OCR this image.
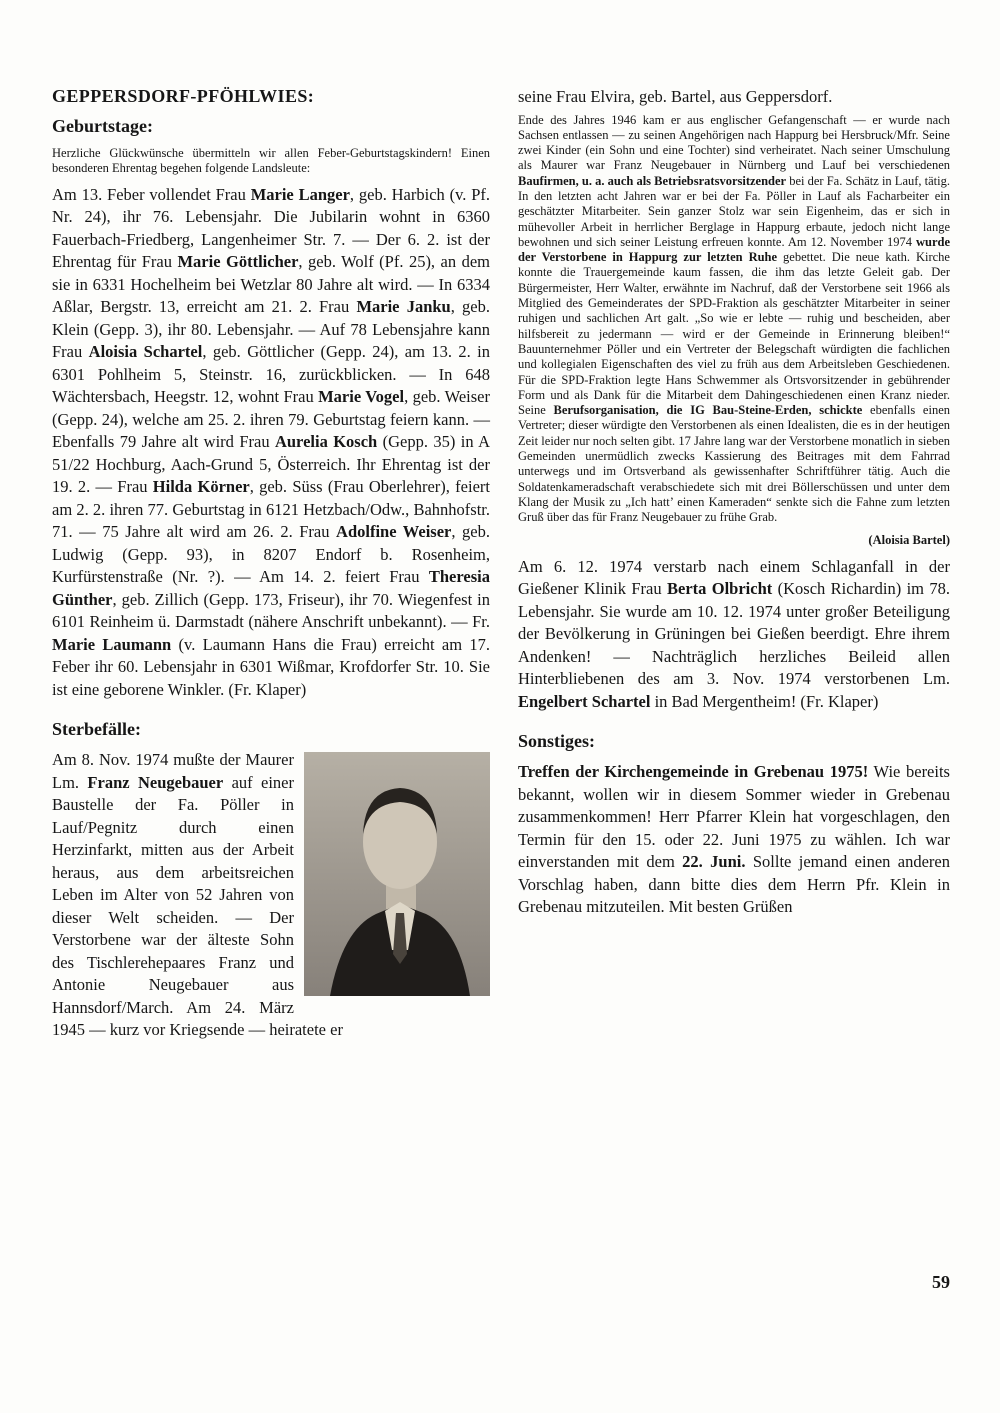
GEPPERSDORF-PFÖHLWIES:
Geburtstage:
Herzliche Glückwünsche übermitteln wir allen Feber-Geburtstagskindern! Einen besonderen Ehrentag begehen folgende Landsleute:
Am 13. Feber vollendet Frau Marie Langer, geb. Harbich (v. Pf. Nr. 24), ihr 76. Lebensjahr. Die Jubilarin wohnt in 6360 Fauerbach-Friedberg, Langenheimer Str. 7. — Der 6. 2. ist der Ehrentag für Frau Marie Göttlicher, geb. Wolf (Pf. 25), an dem sie in 6331 Hochelheim bei Wetzlar 80 Jahre alt wird. — In 6334 Aßlar, Bergstr. 13, erreicht am 21. 2. Frau Marie Janku, geb. Klein (Gepp. 3), ihr 80. Lebensjahr. — Auf 78 Lebensjahre kann Frau Aloisia Schartel, geb. Göttlicher (Gepp. 24), am 13. 2. in 6301 Pohlheim 5, Steinstr. 16, zurückblicken. — In 648 Wächtersbach, Heegstr. 12, wohnt Frau Marie Vogel, geb. Weiser (Gepp. 24), welche am 25. 2. ihren 79. Geburtstag feiern kann. — Ebenfalls 79 Jahre alt wird Frau Aurelia Kosch (Gepp. 35) in A 51/22 Hochburg, Aach-Grund 5, Österreich. Ihr Ehrentag ist der 19. 2. — Frau Hilda Körner, geb. Süss (Frau Oberlehrer), feiert am 2. 2. ihren 77. Geburtstag in 6121 Hetzbach/Odw., Bahnhofstr. 71. — 75 Jahre alt wird am 26. 2. Frau Adolfine Weiser, geb. Ludwig (Gepp. 93), in 8207 Endorf b. Rosenheim, Kurfürstenstraße (Nr. ?). — Am 14. 2. feiert Frau Theresia Günther, geb. Zillich (Gepp. 173, Friseur), ihr 70. Wiegenfest in 6101 Reinheim ü. Darmstadt (nähere Anschrift unbekannt). — Fr. Marie Laumann (v. Laumann Hans die Frau) erreicht am 17. Feber ihr 60. Lebensjahr in 6301 Wißmar, Krofdorfer Str. 10. Sie ist eine geborene Winkler. (Fr. Klaper)
Sterbefälle:
Am 8. Nov. 1974 mußte der Maurer Lm. Franz Neugebauer auf einer Baustelle der Fa. Pöller in Lauf/Pegnitz durch einen Herzinfarkt, mitten aus der Arbeit heraus, aus dem arbeitsreichen Leben im Alter von 52 Jahren von dieser Welt scheiden. — Der Verstorbene war der älteste Sohn des Tischlerehepaares Franz und Antonie Neugebauer aus Hannsdorf/March. Am 24. März 1945 — kurz vor Kriegsende — heiratete er
seine Frau Elvira, geb. Bartel, aus Geppersdorf.
Ende des Jahres 1946 kam er aus englischer Gefangenschaft — er wurde nach Sachsen entlassen — zu seinen Angehörigen nach Happurg bei Hersbruck/Mfr. Seine zwei Kinder (ein Sohn und eine Tochter) sind verheiratet. Nach seiner Umschulung als Maurer war Franz Neugebauer in Nürnberg und Lauf bei verschiedenen Baufirmen, u. a. auch als Betriebsratsvorsitzender bei der Fa. Schätz in Lauf, tätig. In den letzten acht Jahren war er bei der Fa. Pöller in Lauf als Facharbeiter ein geschätzter Mitarbeiter. Sein ganzer Stolz war sein Eigenheim, das er sich in mühevoller Arbeit in herrlicher Berglage in Happurg erbaute, jedoch nicht lange bewohnen und sich seiner Leistung erfreuen konnte. Am 12. November 1974 wurde der Verstorbene in Happurg zur letzten Ruhe gebettet. Die neue kath. Kirche konnte die Trauergemeinde kaum fassen, die ihm das letzte Geleit gab. Der Bürgermeister, Herr Walter, erwähnte im Nachruf, daß der Verstorbene seit 1966 als Mitglied des Gemeinderates der SPD-Fraktion als geschätzter Mitarbeiter in seiner ruhigen und sachlichen Art galt. „So wie er lebte — ruhig und bescheiden, aber hilfsbereit zu jedermann — wird er der Gemeinde in Erinnerung bleiben!“ Bauunternehmer Pöller und ein Vertreter der Belegschaft würdigten die fachlichen und kollegialen Eigenschaften des viel zu früh aus dem Arbeitsleben Geschiedenen. Für die SPD-Fraktion legte Hans Schwemmer als Ortsvorsitzender in gebührender Form und als Dank für die Mitarbeit dem Dahingeschiedenen einen Kranz nieder. Seine Berufsorganisation, die IG Bau-Steine-Erden, schickte ebenfalls einen Vertreter; dieser würdigte den Verstorbenen als einen Idealisten, die es in der heutigen Zeit leider nur noch selten gibt. 17 Jahre lang war der Verstorbene monatlich in sieben Gemeinden unermüdlich zwecks Kassierung des Beitrages mit dem Fahrrad unterwegs und im Ortsverband als gewissenhafter Schriftführer tätig. Auch die Soldatenkameradschaft verabschiedete sich mit drei Böllerschüssen und unter dem Klang der Musik zu „Ich hatt’ einen Kameraden“ senkte sich die Fahne zum letzten Gruß über das für Franz Neugebauer zu frühe Grab.
(Aloisia Bartel)
Am 6. 12. 1974 verstarb nach einem Schlaganfall in der Gießener Klinik Frau Berta Olbricht (Kosch Richardin) im 78. Lebensjahr. Sie wurde am 10. 12. 1974 unter großer Beteiligung der Bevölkerung in Grüningen bei Gießen beerdigt. Ehre ihrem Andenken! — Nachträglich herzliches Beileid allen Hinterbliebenen des am 3. Nov. 1974 verstorbenen Lm. Engelbert Schartel in Bad Mergentheim! (Fr. Klaper)
Sonstiges:
Treffen der Kirchengemeinde in Grebenau 1975! Wie bereits bekannt, wollen wir in diesem Sommer wieder in Grebenau zusammenkommen! Herr Pfarrer Klein hat vorgeschlagen, den Termin für den 15. oder 22. Juni 1975 zu wählen. Ich war einverstanden mit dem 22. Juni. Sollte jemand einen anderen Vorschlag haben, dann bitte dies dem Herrn Pfr. Klein in Grebenau mitzuteilen. Mit besten Grüßen
59
